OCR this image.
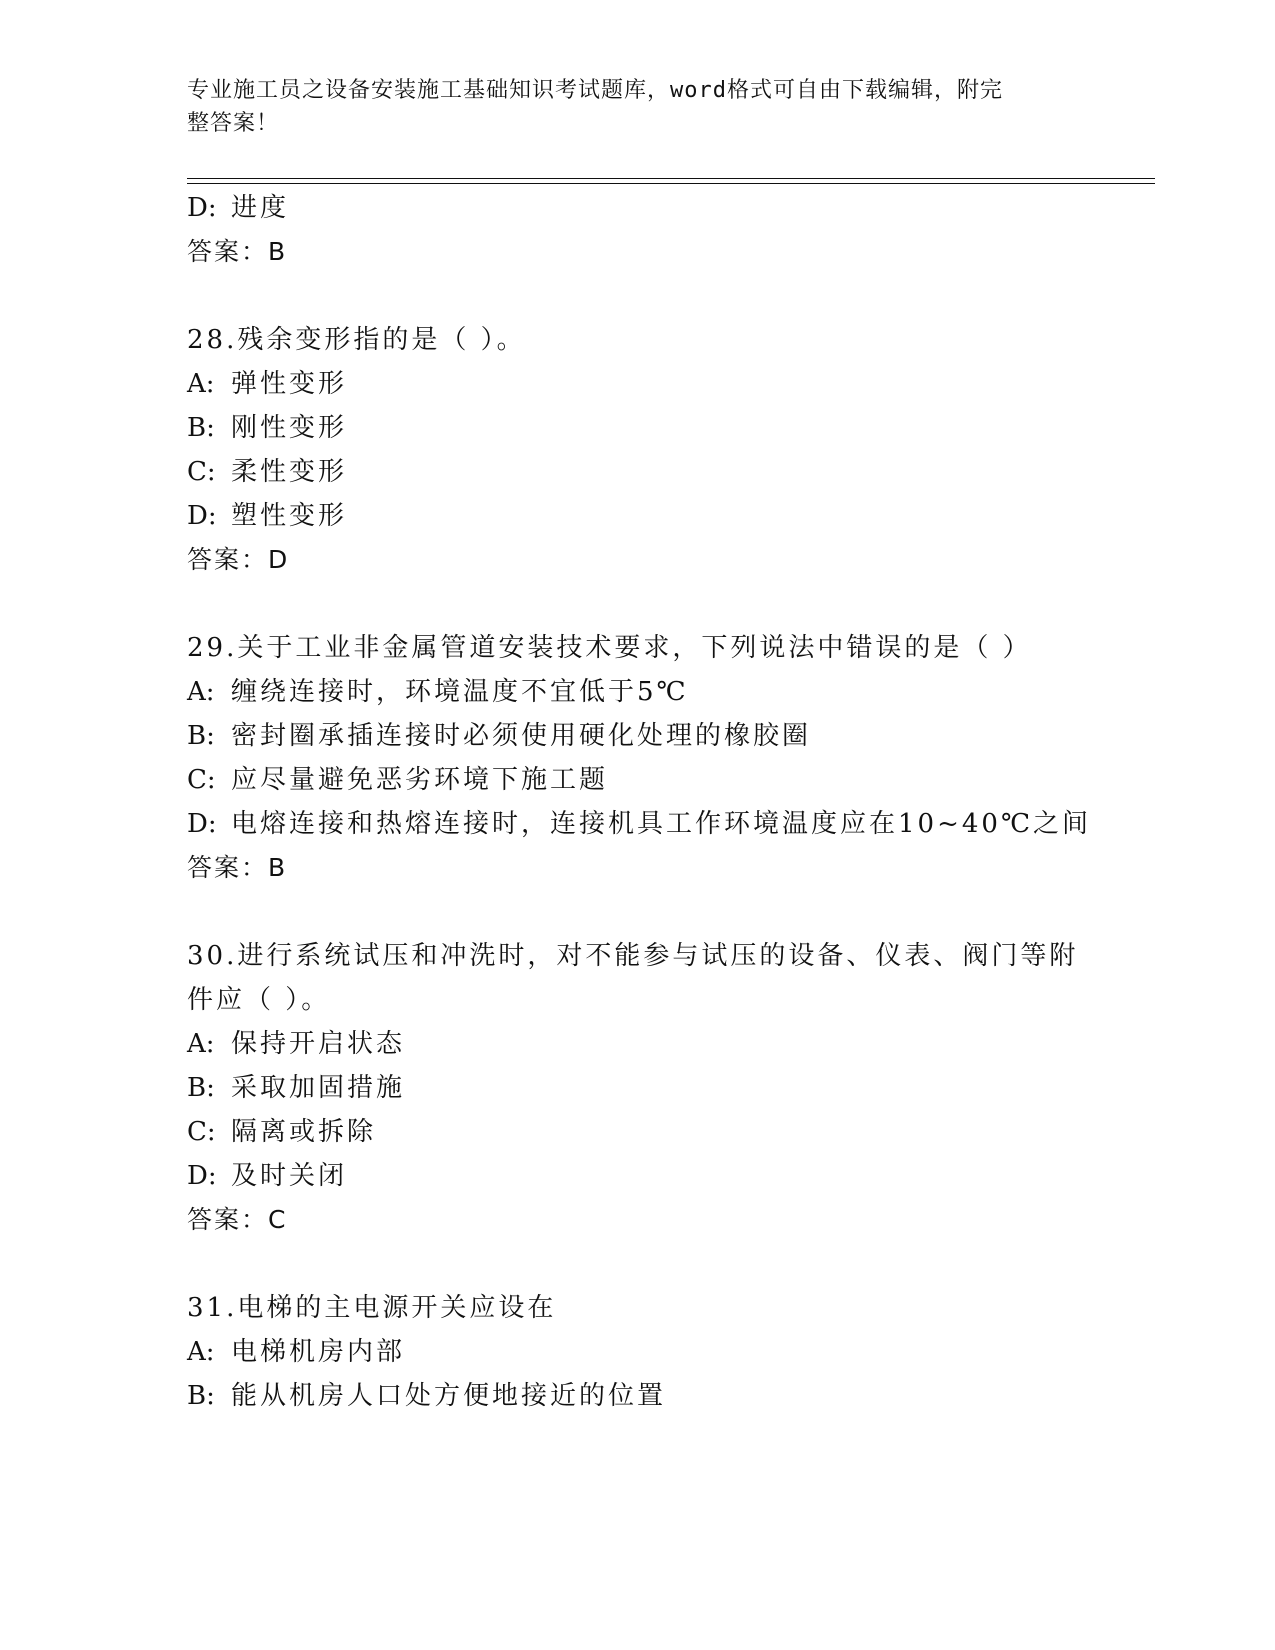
专业施工员之设备安装施工基础知识考试题库，word格式可自由下载编辑，附完
整答案！
D: 进度
答案：B
28.残余变形指的是（ ）。
A: 弹性变形
B: 刚性变形
C: 柔性变形
D: 塑性变形
答案：D
29.关于工业非金属管道安装技术要求，下列说法中错误的是（ ）
A: 缠绕连接时，环境温度不宜低于5℃
B: 密封圈承插连接时必须使用硬化处理的橡胶圈
C: 应尽量避免恶劣环境下施工题
D: 电熔连接和热熔连接时，连接机具工作环境温度应在10~40℃之间
答案：B
30.进行系统试压和冲洗时，对不能参与试压的设备、仪表、阀门等附
件应（ ）。
A: 保持开启状态
B: 采取加固措施
C: 隔离或拆除
D: 及时关闭
答案：C
31.电梯的主电源开关应设在
A: 电梯机房内部
B: 能从机房人口处方便地接近的位置
